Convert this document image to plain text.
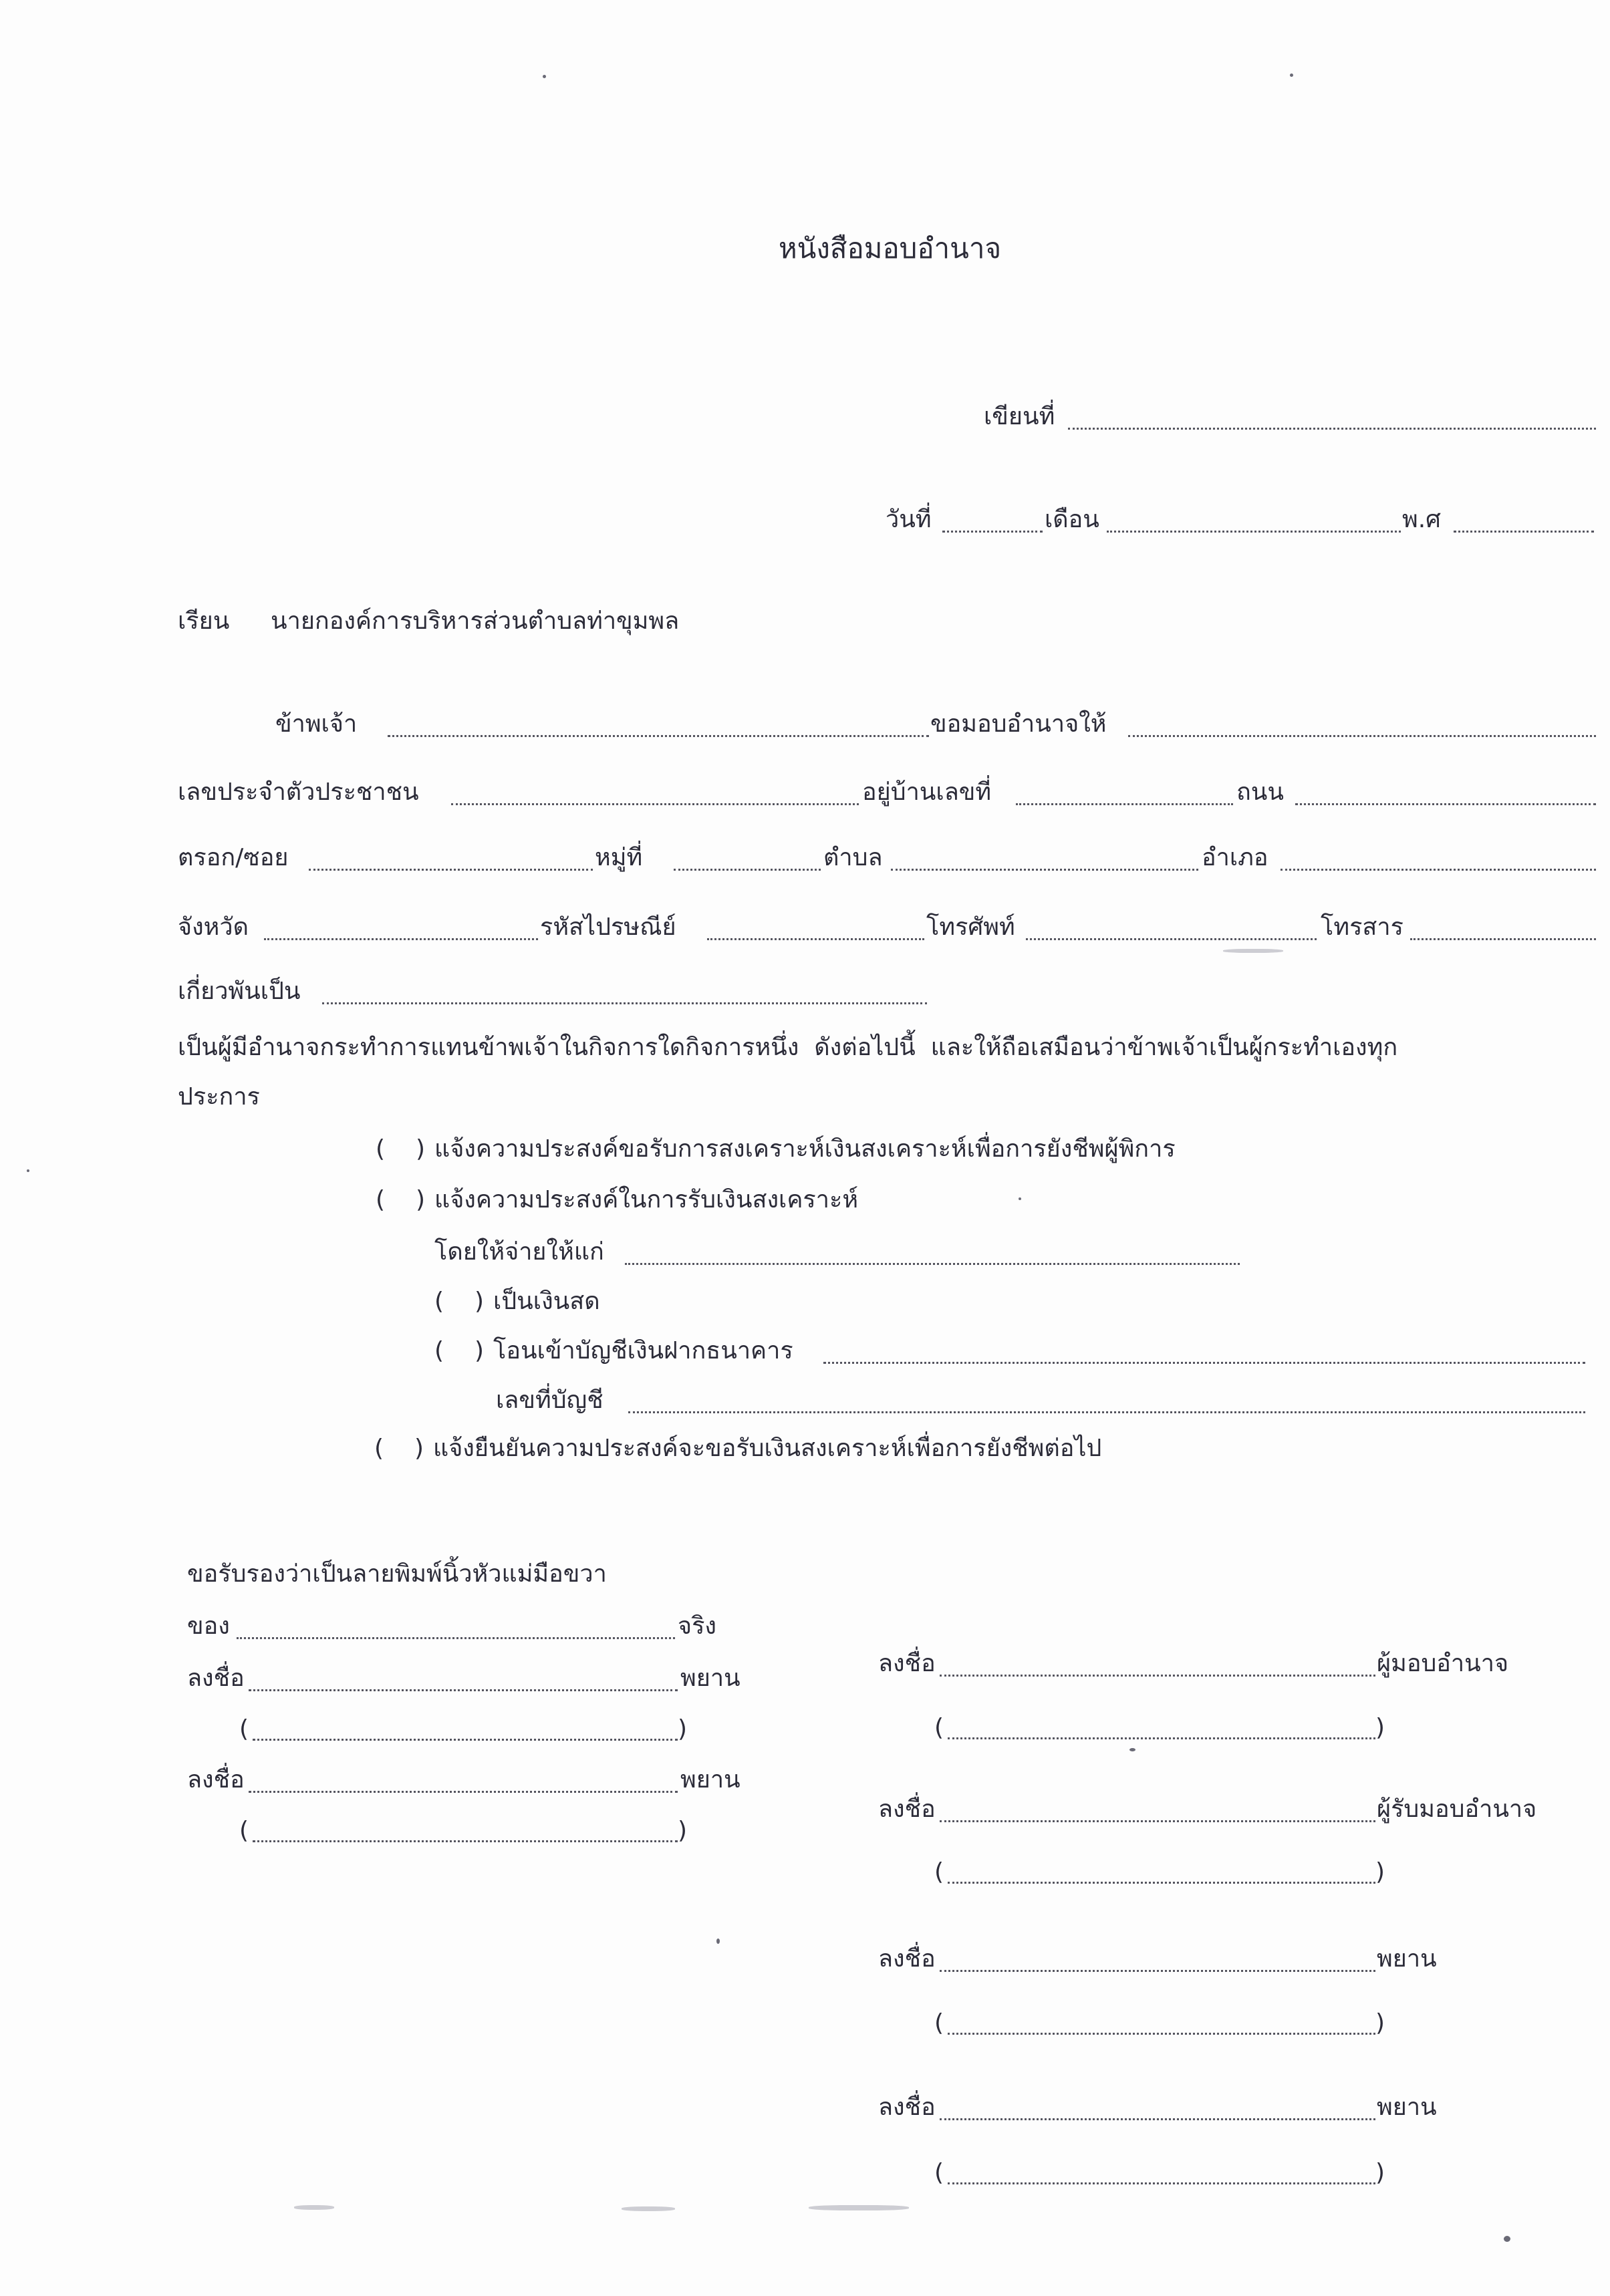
หนังสือมอบอำนาจ
เขียนที่
วันที่	เดือน	พ.ศ
เรียน นายกองค์การบริหารส่วนตำบลท่าขุมพล
ข้าพเจ้า	ขอมอบอำนาจให้
เลขประจำตัวประชาชน	อยู่บ้านเลขที่	ถนน
ตรอก/ซอย	หมู่ที่	ตำบล	อำเภอ
จังหวัด	รหัสไปรษณีย์	โทรศัพท์	โทรสาร
เกี่ยวพันเป็น
เป็นผู้มีอำนาจกระทำการแทนข้าพเจ้าในกิจการใดกิจการหนึ่ง  ดังต่อไปนี้  และให้ถือเสมือนว่าข้าพเจ้าเป็นผู้กระทำเองทุก
ประการ
( ) แจ้งความประสงค์ขอรับการสงเคราะห์เงินสงเคราะห์เพื่อการยังชีพผู้พิการ
( ) แจ้งความประสงค์ในการรับเงินสงเคราะห์
โดยให้จ่ายให้แก่
( ) เป็นเงินสด
( ) โอนเข้าบัญชีเงินฝากธนาคาร
เลขที่บัญชี
( ) แจ้งยืนยันความประสงค์จะขอรับเงินสงเคราะห์เพื่อการยังชีพต่อไป
ขอรับรองว่าเป็นลายพิมพ์นิ้วหัวแม่มือขวา
ของ	จริง
ลงชื่อ	พยาน
(	)
ลงชื่อ	พยาน
(	)
ลงชื่อ	ผู้มอบอำนาจ
(	)
ลงชื่อ	ผู้รับมอบอำนาจ
(	)
ลงชื่อ	พยาน
(	)
ลงชื่อ	พยาน
(	)
